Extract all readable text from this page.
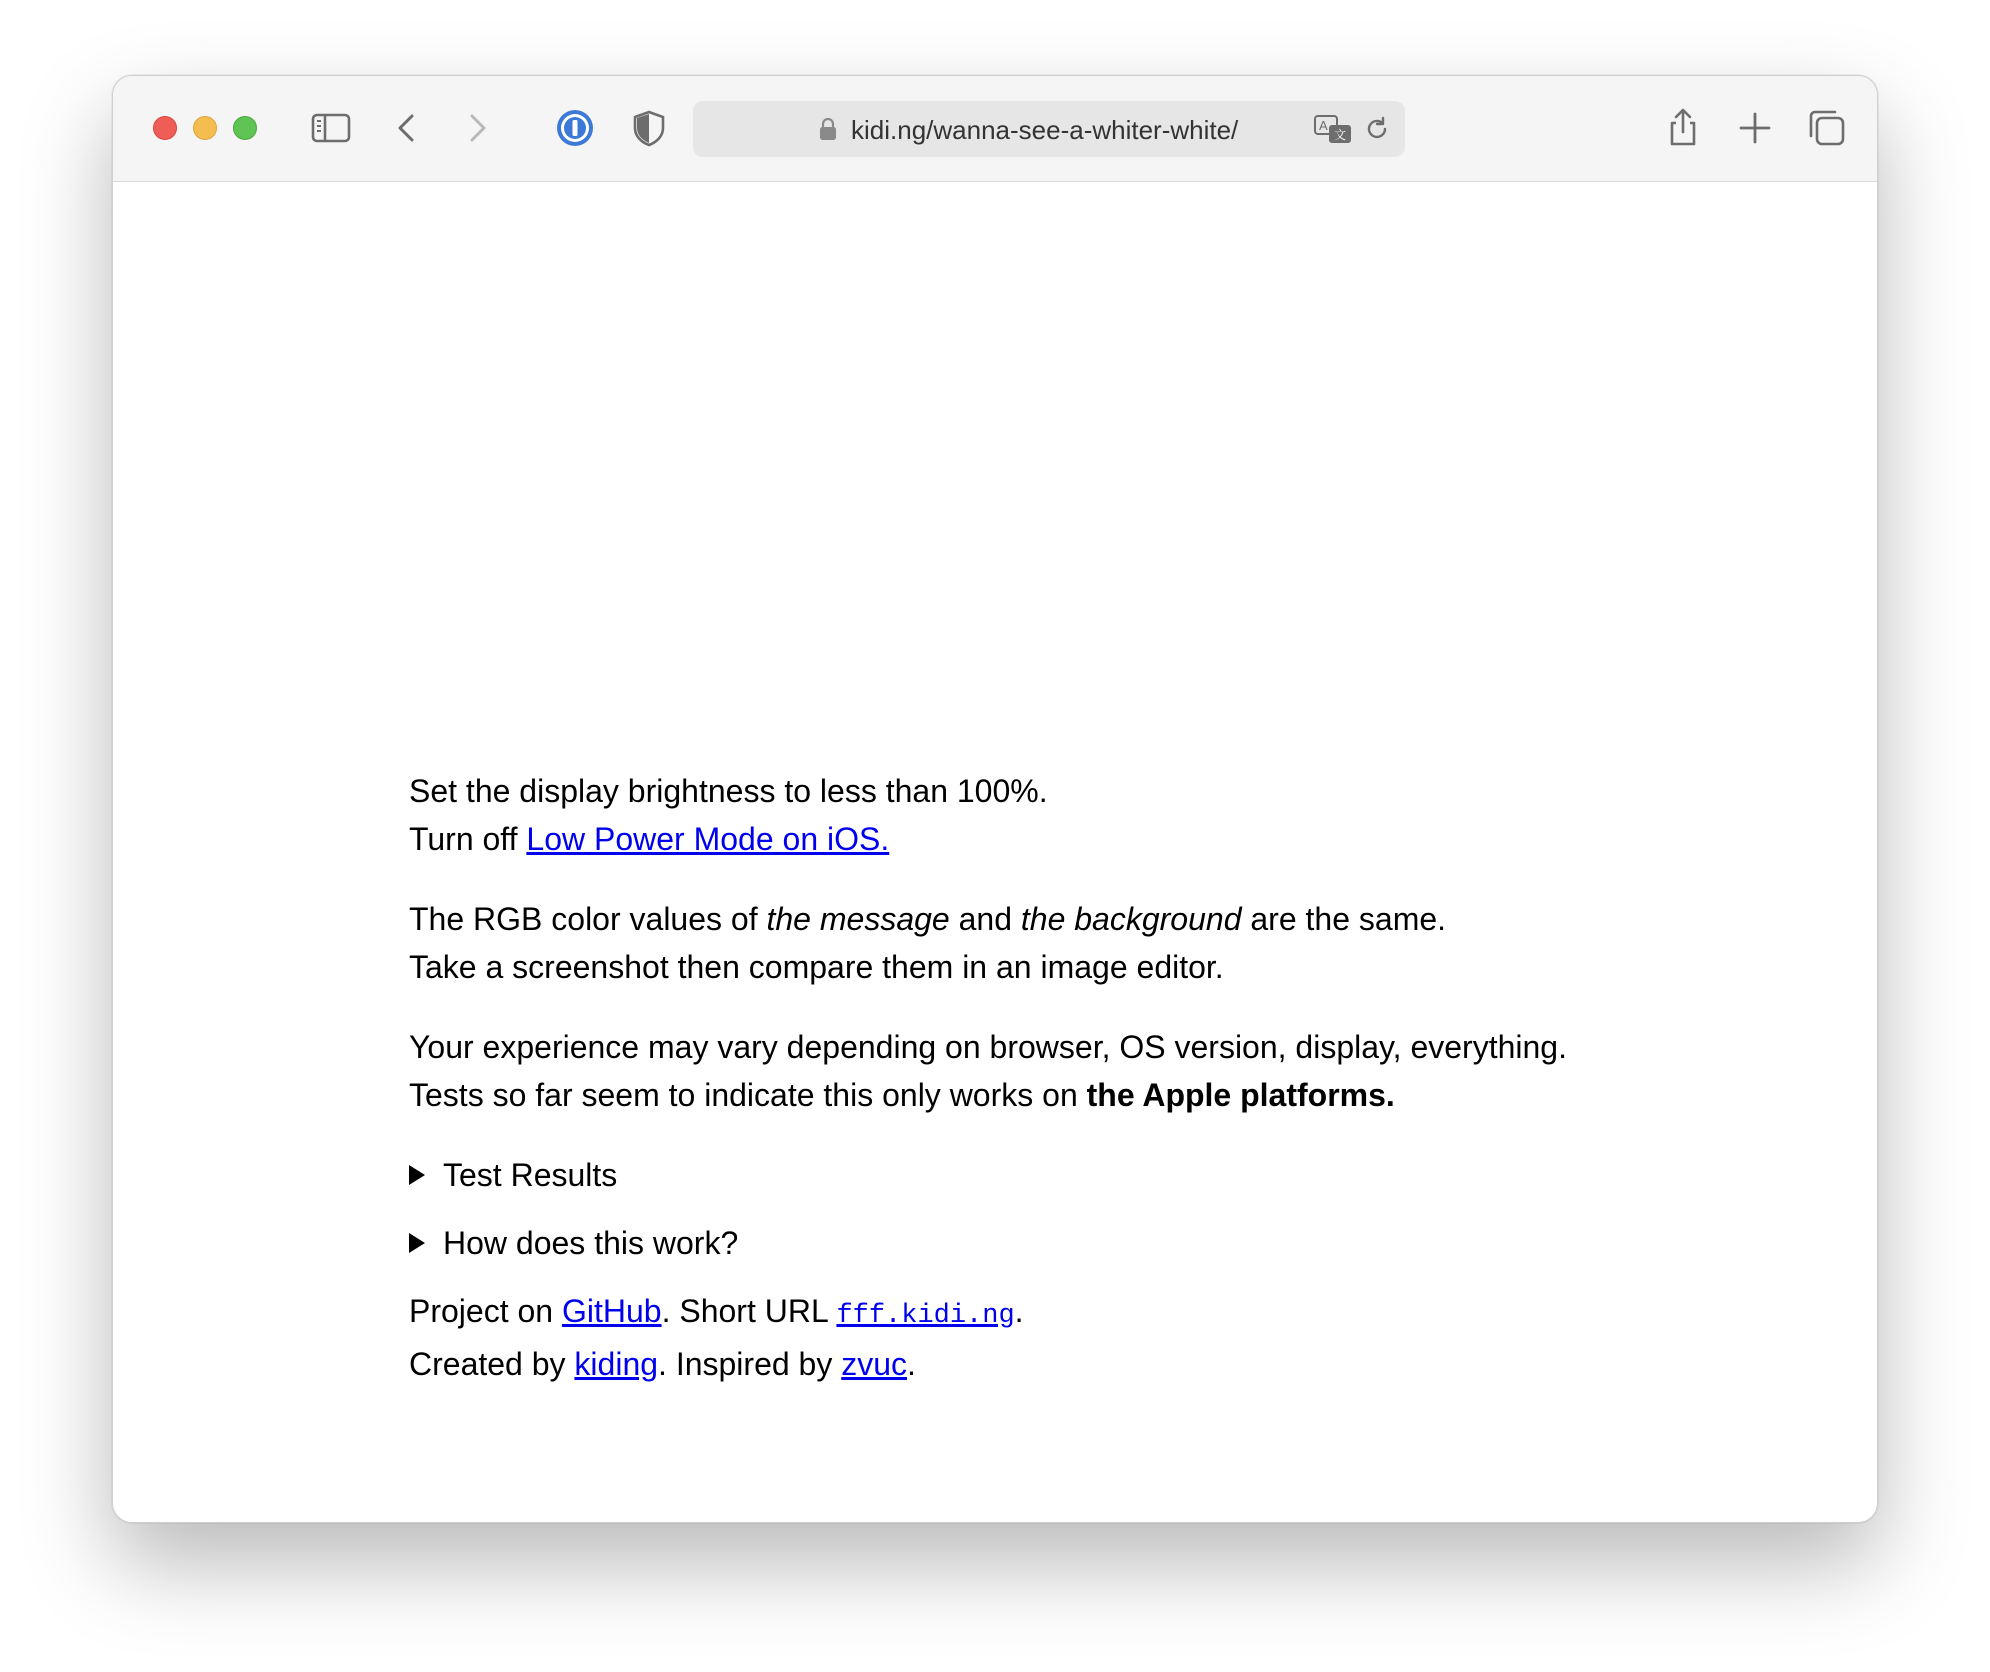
kidi.ng/wanna-see-a-whiter-white/	A
文

Set the display brightness to less than 100%.
Turn off Low Power Mode on iOS.

The RGB color values of the message and the background are the same.
Take a screenshot then compare them in an image editor.

Your experience may vary depending on browser, OS version, display, everything.
Tests so far seem to indicate this only works on the Apple platforms.

Test Results
How does this work?

Project on GitHub. Short URL fff.kidi.ng.
Created by kiding. Inspired by zvuc.
